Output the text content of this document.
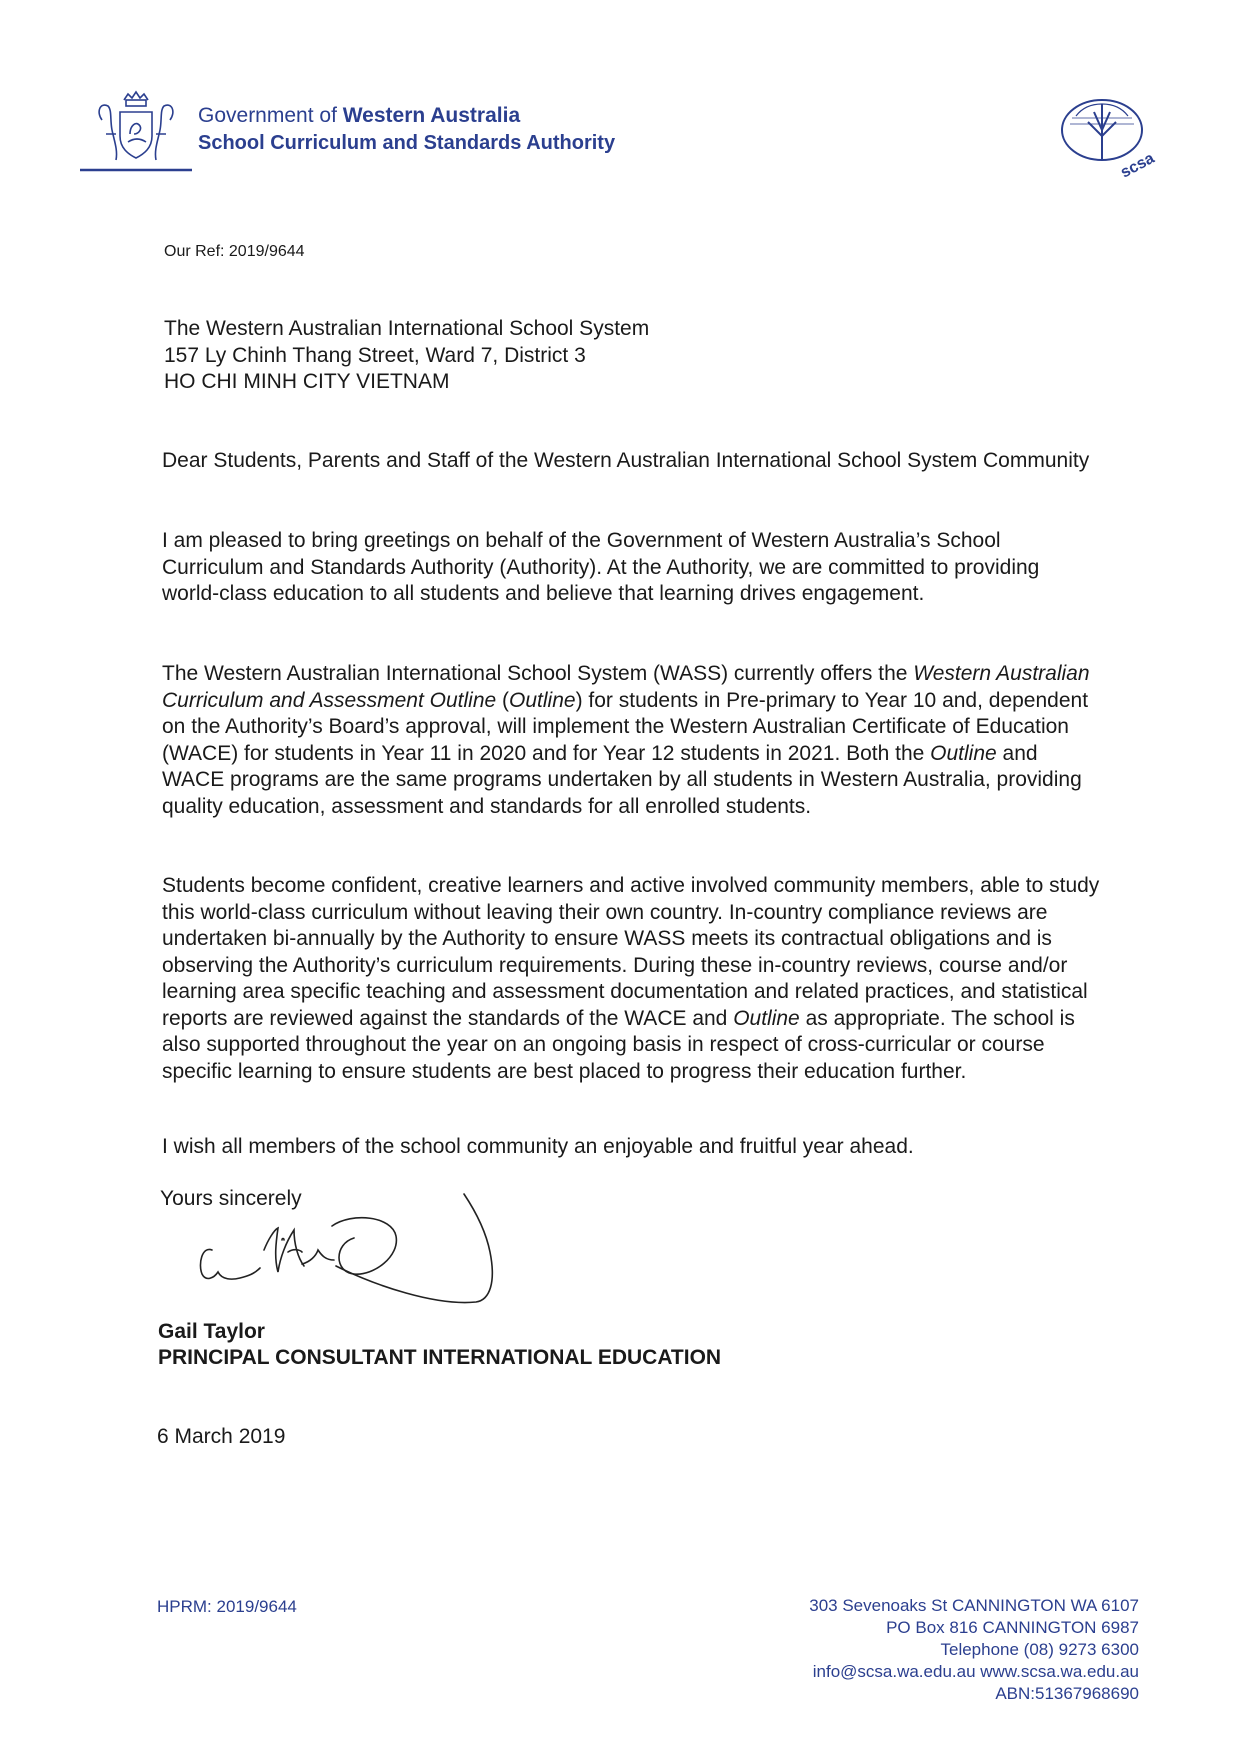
Government of Western Australia
School Curriculum and Standards Authority
scsa
Our Ref: 2019/9644
The Western Australian International School System
157 Ly Chinh Thang Street, Ward 7, District 3
HO CHI MINH CITY VIETNAM

Dear Students, Parents and Staff of the Western Australian International School System Community

I am pleased to bring greetings on behalf of the Government of Western Australia’s School Curriculum and Standards Authority (Authority). At the Authority, we are committed to providing world-class education to all students and believe that learning drives engagement.

The Western Australian International School System (WASS) currently offers the Western Australian Curriculum and Assessment Outline (Outline) for students in Pre-primary to Year 10 and, dependent on the Authority’s Board’s approval, will implement the Western Australian Certificate of Education (WACE) for students in Year 11 in 2020 and for Year 12 students in 2021. Both the Outline and WACE programs are the same programs undertaken by all students in Western Australia, providing quality education, assessment and standards for all enrolled students.

Students become confident, creative learners and active involved community members, able to study this world-class curriculum without leaving their own country. In-country compliance reviews are undertaken bi-annually by the Authority to ensure WASS meets its contractual obligations and is observing the Authority’s curriculum requirements. During these in-country reviews, course and/or learning area specific teaching and assessment documentation and related practices, and statistical reports are reviewed against the standards of the WACE and Outline as appropriate. The school is also supported throughout the year on an ongoing basis in respect of cross-curricular or course specific learning to ensure students are best placed to progress their education further.

I wish all members of the school community an enjoyable and fruitful year ahead.

Yours sincerely
Gail Taylor
PRINCIPAL CONSULTANT INTERNATIONAL EDUCATION
6 March 2019
HPRM: 2019/9644	303 Sevenoaks St CANNINGTON WA 6107
PO Box 816 CANNINGTON 6987
Telephone (08) 9273 6300
info@scsa.wa.edu.au www.scsa.wa.edu.au
ABN:51367968690
